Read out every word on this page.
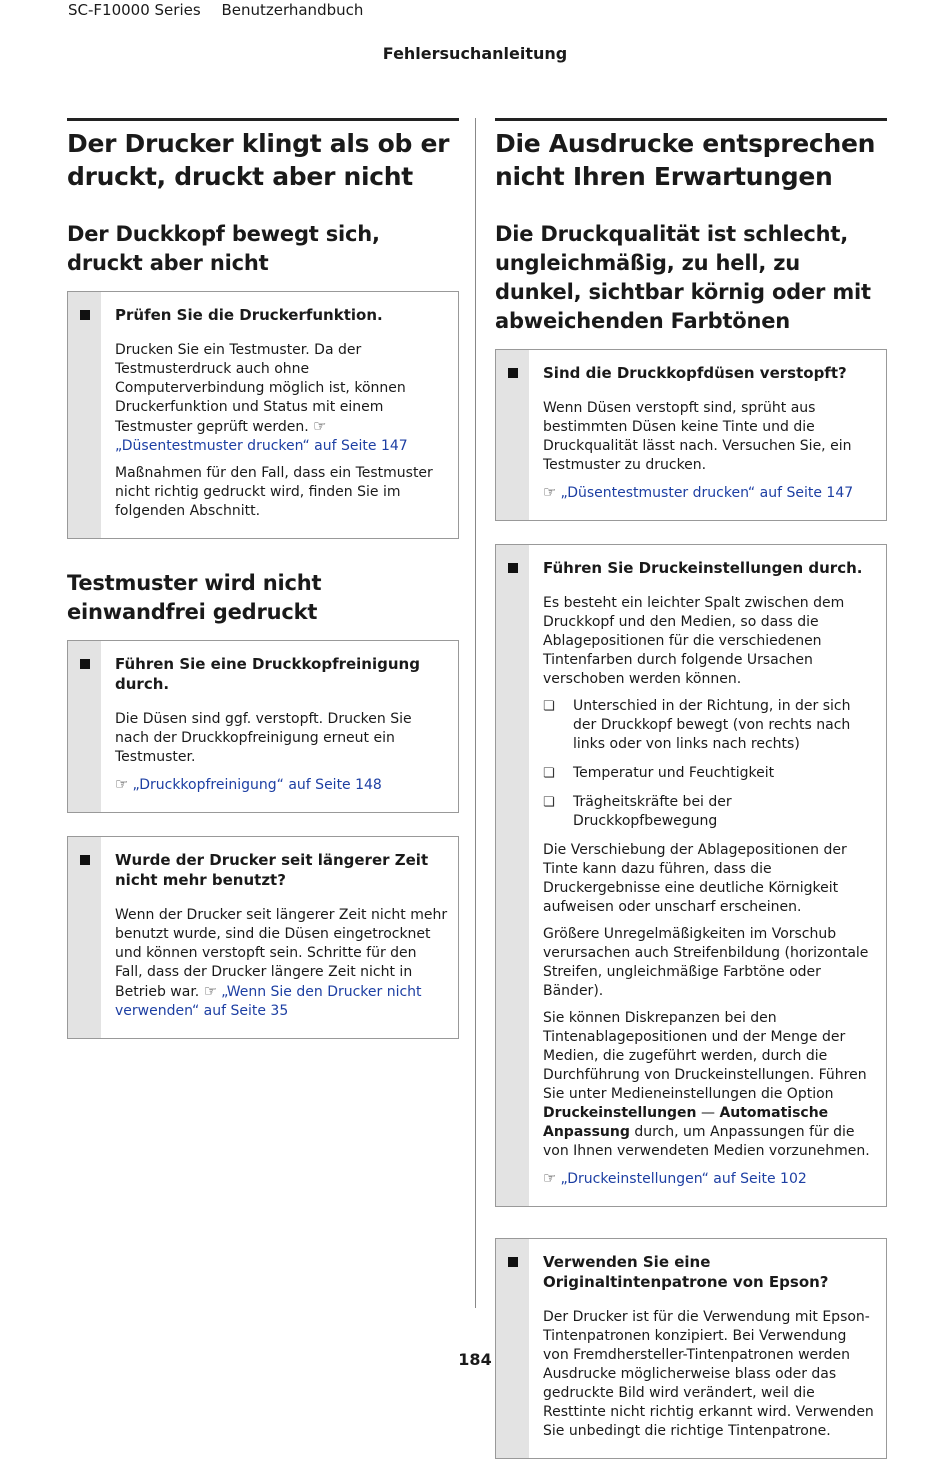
SC-F10000 Series Benutzerhandbuch
Fehlersuchanleitung
Der Drucker klingt als ob er druckt, druckt aber nicht
Der Duckkopf bewegt sich, druckt aber nicht

Prüfen Sie die Druckerfunktion.

Drucken Sie ein Testmuster. Da der Testmusterdruck auch ohne Computerverbindung möglich ist, können Druckerfunktion und Status mit einem Testmuster geprüft werden. ☞„Düsentestmuster drucken“ auf Seite 147

Maßnahmen für den Fall, dass ein Testmuster nicht richtig gedruckt wird, finden Sie im folgenden Abschnitt.

Testmuster wird nicht einwandfrei gedruckt

Führen Sie eine Druckkopfreinigung durch.

Die Düsen sind ggf. verstopft. Drucken Sie nach der Druckkopfreinigung erneut ein Testmuster.

☞ „Druckkopfreinigung“ auf Seite 148

Wurde der Drucker seit längerer Zeit nicht mehr benutzt?

Wenn der Drucker seit längerer Zeit nicht mehr benutzt wurde, sind die Düsen eingetrocknet und können verstopft sein. Schritte für den Fall, dass der Drucker längere Zeit nicht in Betrieb war. ☞ „Wenn Sie den Drucker nicht verwenden“ auf Seite 35

Die Ausdrucke entsprechen nicht Ihren Erwartungen
Die Druckqualität ist schlecht, ungleichmäßig, zu hell, zu dunkel, sichtbar körnig oder mit abweichenden Farbtönen

Sind die Druckkopfdüsen verstopft?

Wenn Düsen verstopft sind, sprüht aus bestimmten Düsen keine Tinte und die Druckqualität lässt nach. Versuchen Sie, ein Testmuster zu drucken.

☞ „Düsentestmuster drucken“ auf Seite 147

Führen Sie Druckeinstellungen durch.

Es besteht ein leichter Spalt zwischen dem Druckkopf und den Medien, so dass die Ablagepositionen für die verschiedenen Tintenfarben durch folgende Ursachen verschoben werden können.

❏	Unterschied in der Richtung, in der sich der Druckkopf bewegt (von rechts nach links oder von links nach rechts)
❏	Temperatur und Feuchtigkeit
❏	Trägheitskräfte bei der Druckkopfbewegung

Die Verschiebung der Ablagepositionen der Tinte kann dazu führen, dass die Druckergebnisse eine deutliche Körnigkeit aufweisen oder unscharf erscheinen.

Größere Unregelmäßigkeiten im Vorschub verursachen auch Streifenbildung (horizontale Streifen, ungleichmäßige Farbtöne oder Bänder).

Sie können Diskrepanzen bei den Tintenablagepositionen und der Menge der Medien, die zugeführt werden, durch die Durchführung von Druckeinstellungen. Führen Sie unter Medieneinstellungen die Option Druckeinstellungen — Automatische Anpassung durch, um Anpassungen für die von Ihnen verwendeten Medien vorzunehmen.

☞ „Druckeinstellungen“ auf Seite 102

Verwenden Sie eine Originaltintenpatrone von Epson?

Der Drucker ist für die Verwendung mit Epson-Tintenpatronen konzipiert. Bei Verwendung von Fremdhersteller-Tintenpatronen werden Ausdrucke möglicherweise blass oder das gedruckte Bild wird verändert, weil die Resttinte nicht richtig erkannt wird. Verwenden Sie unbedingt die richtige Tintenpatrone.

184
